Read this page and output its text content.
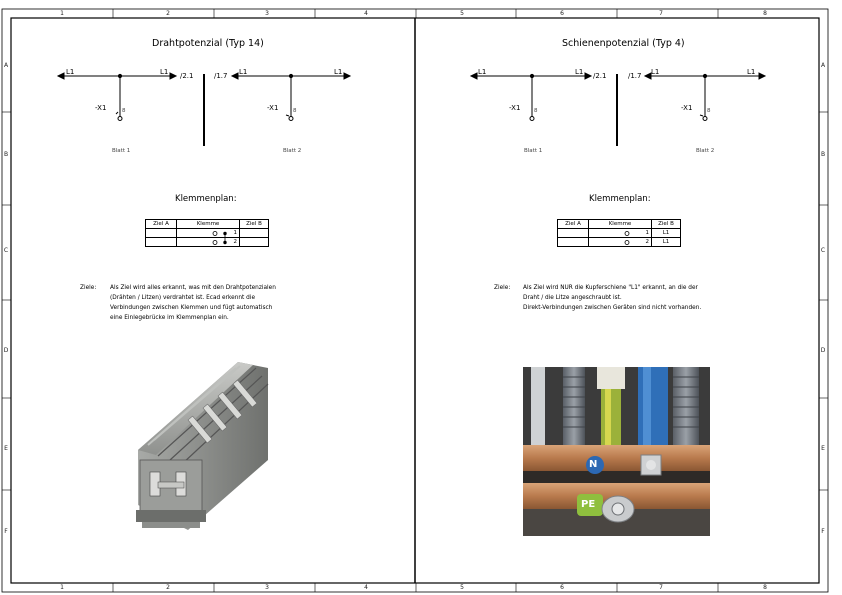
1	2	3	4	5	6	7	8
1	2	3	4	5	6	7	8
A
B
C
D
E
F
A
B
C
D
E
F
Drahtpotenzial (Typ 14)
L1	L1 /2.1
-X1	8
Blatt 1
/1.7 L1	L1
-X1	8
Blatt 2
Klemmenplan:
Ziel A	Klemme	Ziel B

	1	

	2	

Ziele: Als Ziel wird alles erkannt, was mit den Drahtpotenzialen
(Drähten / Litzen) verdrahtet ist. Ecad erkennt die
Verbindungen zwischen Klemmen und fügt automatisch
eine Einlegebrücke im Klemmenplan ein.
Schienenpotenzial (Typ 4)
L1	L1 /2.1
-X1 8
Blatt 1
/1.7 L1	L1
-X1	8
Blatt 2
Klemmenplan:
Ziel A	Klemme	Ziel B

	1	L1

	2	L1
Ziele: Als Ziel wird NUR die Kupferschiene "L1" erkannt, an die der
Draht / die Litze angeschraubt ist.
Direkt-Verbindungen zwischen Geräten sind nicht vorhanden.
N
PE
